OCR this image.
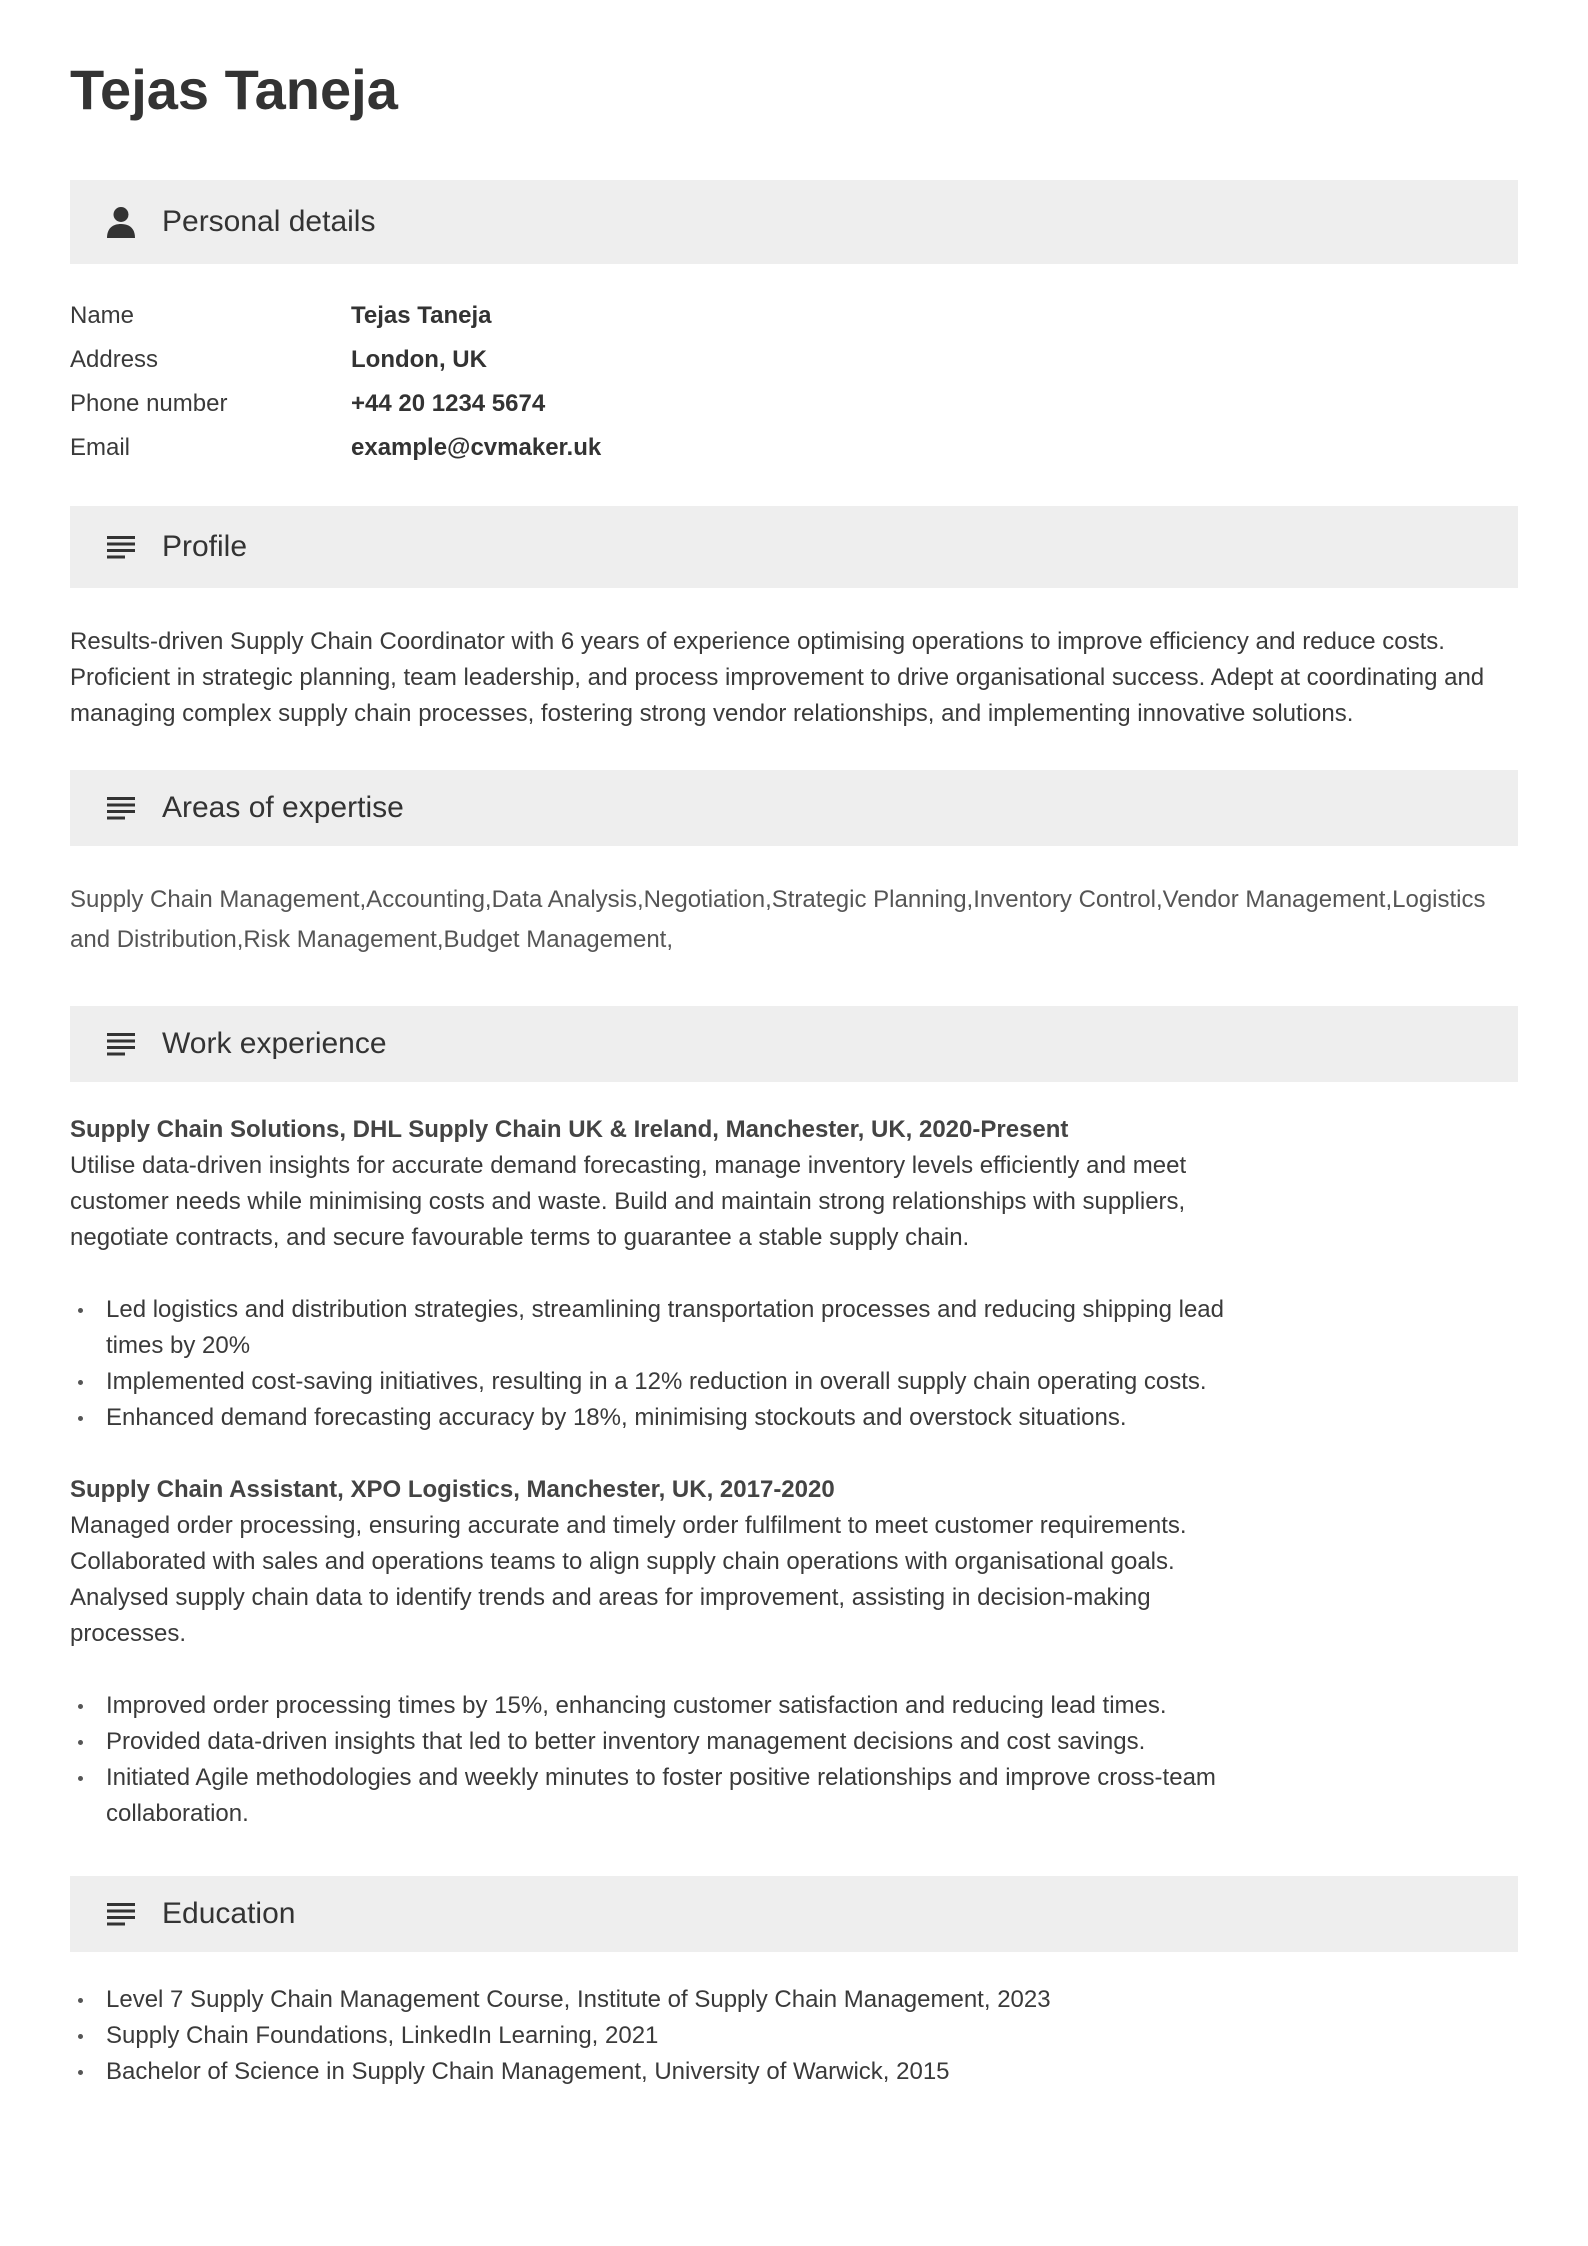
Tejas Taneja
Personal details
Name	Tejas Taneja
Address	London, UK
Phone number	+44 20 1234 5674
Email	example@cvmaker.uk
Profile
Results-driven Supply Chain Coordinator with 6 years of experience optimising operations to improve efficiency and reduce costs. Proficient in strategic planning, team leadership, and process improvement to drive organisational success. Adept at coordinating and managing complex supply chain processes, fostering strong vendor relationships, and implementing innovative solutions.
Areas of expertise
Supply Chain Management,Accounting,Data Analysis,Negotiation,Strategic Planning,Inventory Control,Vendor Management,Logistics and Distribution,Risk Management,Budget Management,
Work experience
Supply Chain Solutions, DHL Supply Chain UK & Ireland, Manchester, UK, 2020-Present
Utilise data-driven insights for accurate demand forecasting, manage inventory levels efficiently and meet customer needs while minimising costs and waste. Build and maintain strong relationships with suppliers, negotiate contracts, and secure favourable terms to guarantee a stable supply chain.
Led logistics and distribution strategies, streamlining transportation processes and reducing shipping lead times by 20%
Implemented cost-saving initiatives, resulting in a 12% reduction in overall supply chain operating costs.
Enhanced demand forecasting accuracy by 18%, minimising stockouts and overstock situations.
Supply Chain Assistant, XPO Logistics, Manchester, UK, 2017-2020
Managed order processing, ensuring accurate and timely order fulfilment to meet customer requirements. Collaborated with sales and operations teams to align supply chain operations with organisational goals. Analysed supply chain data to identify trends and areas for improvement, assisting in decision-making processes.
Improved order processing times by 15%, enhancing customer satisfaction and reducing lead times.
Provided data-driven insights that led to better inventory management decisions and cost savings.
Initiated Agile methodologies and weekly minutes to foster positive relationships and improve cross-team collaboration.
Education
Level 7 Supply Chain Management Course, Institute of Supply Chain Management, 2023
Supply Chain Foundations, LinkedIn Learning, 2021
Bachelor of Science in Supply Chain Management, University of Warwick, 2015
